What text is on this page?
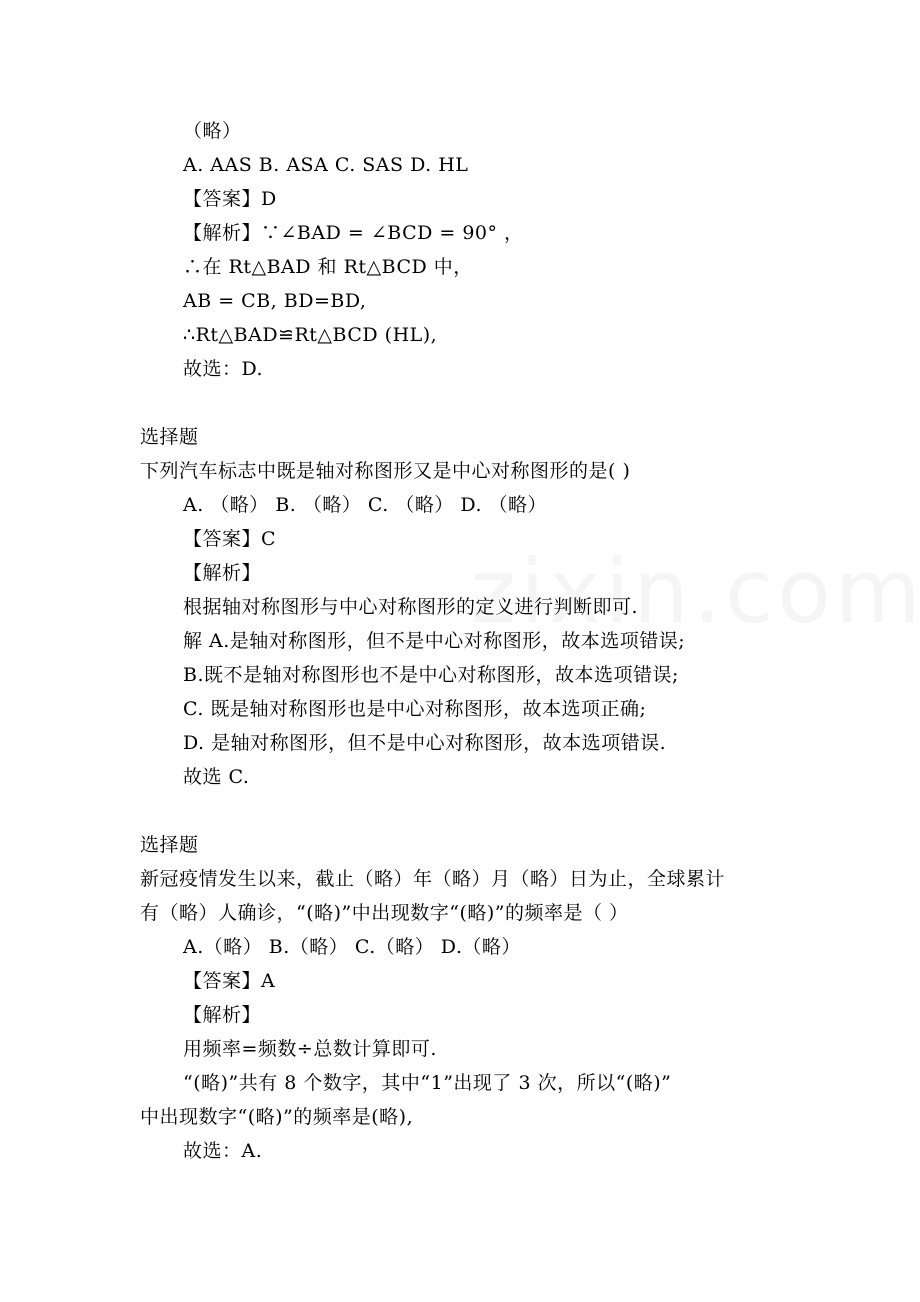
（略）
A. AAS B. ASA C. SAS D. HL
【答案】D
【解析】∵∠BAD = ∠BCD = 90° ，
∴在 Rt△BAD 和 Rt△BCD 中，
AB = CB, BD=BD,
∴Rt△BAD≌Rt△BCD (HL),
故选：D.
选择题
下列汽车标志中既是轴对称图形又是中心对称图形的是( )
A. （略） B. （略） C. （略） D. （略）
【答案】C
【解析】
根据轴对称图形与中心对称图形的定义进行判断即可.
解 A.是轴对称图形，但不是中心对称图形，故本选项错误;
B.既不是轴对称图形也不是中心对称图形，故本选项错误;
C. 既是轴对称图形也是中心对称图形，故本选项正确;
D. 是轴对称图形，但不是中心对称图形，故本选项错误.
故选 C.
选择题
新冠疫情发生以来，截止（略）年（略）月（略）日为止，全球累计
有（略）人确诊，“(略)”中出现数字“(略)”的频率是（ ）
A.（略） B.（略） C.（略） D.（略）
【答案】A
【解析】
用频率=频数÷总数计算即可.
“(略)”共有 8 个数字，其中“1”出现了 3 次，所以“(略)”
中出现数字“(略)”的频率是(略),
故选：A.
